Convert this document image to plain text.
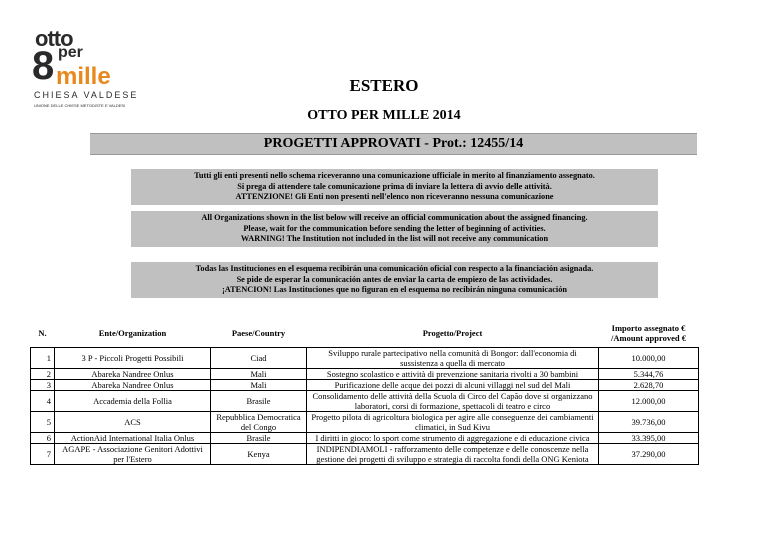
otto
8 per
mille
CHIESA VALDESE
UNIONE DELLE CHIESE METODISTE E VALDESI
ESTERO
OTTO PER MILLE 2014
PROGETTI APPROVATI - Prot.: 12455/14
Tutti gli enti presenti nello schema riceveranno una comunicazione ufficiale in merito al finanziamento assegnato.
Si prega di attendere tale comunicazione prima di inviare la lettera di avvio delle attività.
ATTENZIONE! Gli Enti non presenti nell'elenco non riceveranno nessuna comunicazione
All Organizations shown in the list below will receive an official communication about the assigned financing.
Please, wait for the communication before sending the letter of beginning of activities.
WARNING! The Institution not included in the list will not receive any communication
Todas las Instituciones en el esquema recibirán una comunicación oficial con respecto a la financiación asignada.
Se pide de esperar la comunicación antes de enviar la carta de empiezo de las actividades.
¡ATENCION! Las Instituciones que no figuran en el esquema no recibirán ninguna comunicación
N.	Ente/Organization	Paese/Country	Progetto/Project	Importo assegnato € /Amount approved €
1	3 P - Piccoli Progetti Possibili	Ciad	Sviluppo rurale partecipativo nella comunità di Bongor: dall'economia di sussistenza a quella di mercato	10.000,00
2	Abareka Nandree Onlus	Mali	Sostegno scolastico e attività di prevenzione sanitaria rivolti a 30 bambini	5.344,76
3	Abareka Nandree Onlus	Mali	Purificazione delle acque dei pozzi di alcuni villaggi nel sud del Mali	2.628,70
4	Accademia della Follia	Brasile	Consolidamento delle attività della Scuola di Circo del Capão dove si organizzano laboratori, corsi di formazione, spettacoli di teatro e circo	12.000,00
5	ACS	Repubblica Democratica del Congo	Progetto pilota di agricoltura biologica per agire alle conseguenze dei cambiamenti climatici, in Sud Kivu	39.736,00
6	ActionAid International Italia Onlus	Brasile	I diritti in gioco: lo sport come strumento di aggregazione e di educazione civica	33.395,00
7	AGAPE - Associazione Genitori Adottivi per l'Estero	Kenya	INDIPENDIAMOLI - rafforzamento delle competenze e delle conoscenze nella gestione dei progetti di sviluppo e strategia di raccolta fondi della ONG Keniota	37.290,00
